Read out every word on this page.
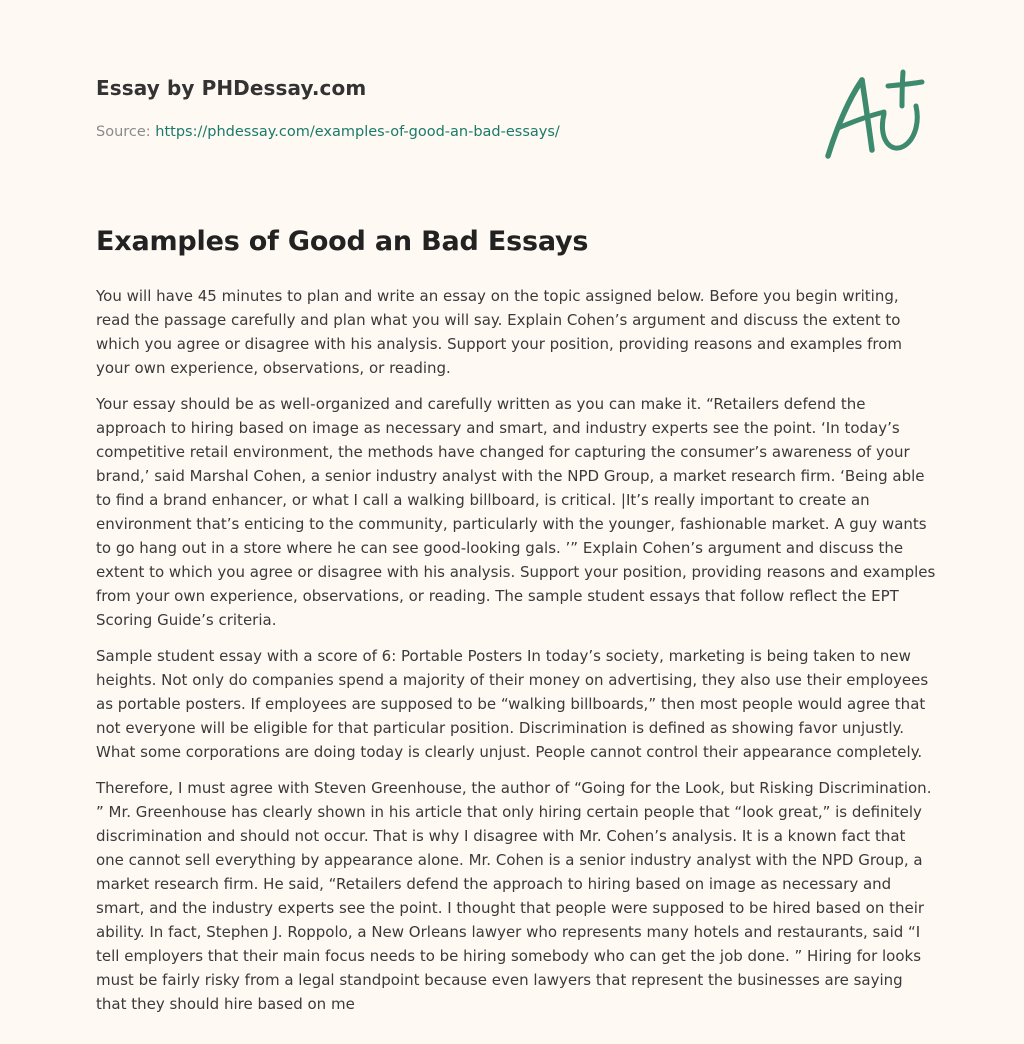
Essay by PHDessay.com
Source: https://phdessay.com/examples-of-good-an-bad-essays/
Examples of Good an Bad Essays

You will have 45 minutes to plan and write an essay on the topic assigned below. Before you begin writing, read the passage carefully and plan what you will say. Explain Cohen’s argument and discuss the extent to which you agree or disagree with his analysis. Support your position, providing reasons and examples from your own experience, observations, or reading.

Your essay should be as well-organized and carefully written as you can make it. “Retailers defend the approach to hiring based on image as necessary and smart, and industry experts see the point. ‘In today’s competitive retail environment, the methods have changed for capturing the consumer’s awareness of your brand,’ said Marshal Cohen, a senior industry analyst with the NPD Group, a market research firm. ‘Being able to find a brand enhancer, or what I call a walking billboard, is critical. |It’s really important to create an environment that’s enticing to the community, particularly with the younger, fashionable market. A guy wants to go hang out in a store where he can see good-looking gals. ’” Explain Cohen’s argument and discuss the extent to which you agree or disagree with his analysis. Support your position, providing reasons and examples from your own experience, observations, or reading. The sample student essays that follow reflect the EPT Scoring Guide’s criteria.

Sample student essay with a score of 6: Portable Posters In today’s society, marketing is being taken to new heights. Not only do companies spend a majority of their money on advertising, they also use their employees as portable posters. If employees are supposed to be “walking billboards,” then most people would agree that not everyone will be eligible for that particular position. Discrimination is defined as showing favor unjustly. What some corporations are doing today is clearly unjust. People cannot control their appearance completely.

Therefore, I must agree with Steven Greenhouse, the author of “Going for the Look, but Risking Discrimination. ” Mr. Greenhouse has clearly shown in his article that only hiring certain people that “look great,” is definitely discrimination and should not occur. That is why I disagree with Mr. Cohen’s analysis. It is a known fact that one cannot sell everything by appearance alone. Mr. Cohen is a senior industry analyst with the NPD Group, a market research firm. He said, “Retailers defend the approach to hiring based on image as necessary and smart, and the industry experts see the point. I thought that people were supposed to be hired based on their ability. In fact, Stephen J. Roppolo, a New Orleans lawyer who represents many hotels and restaurants, said “I tell employers that their main focus needs to be hiring somebody who can get the job done. ” Hiring for looks must be fairly risky from a legal standpoint because even lawyers that represent the businesses are saying that they should hire based on me
